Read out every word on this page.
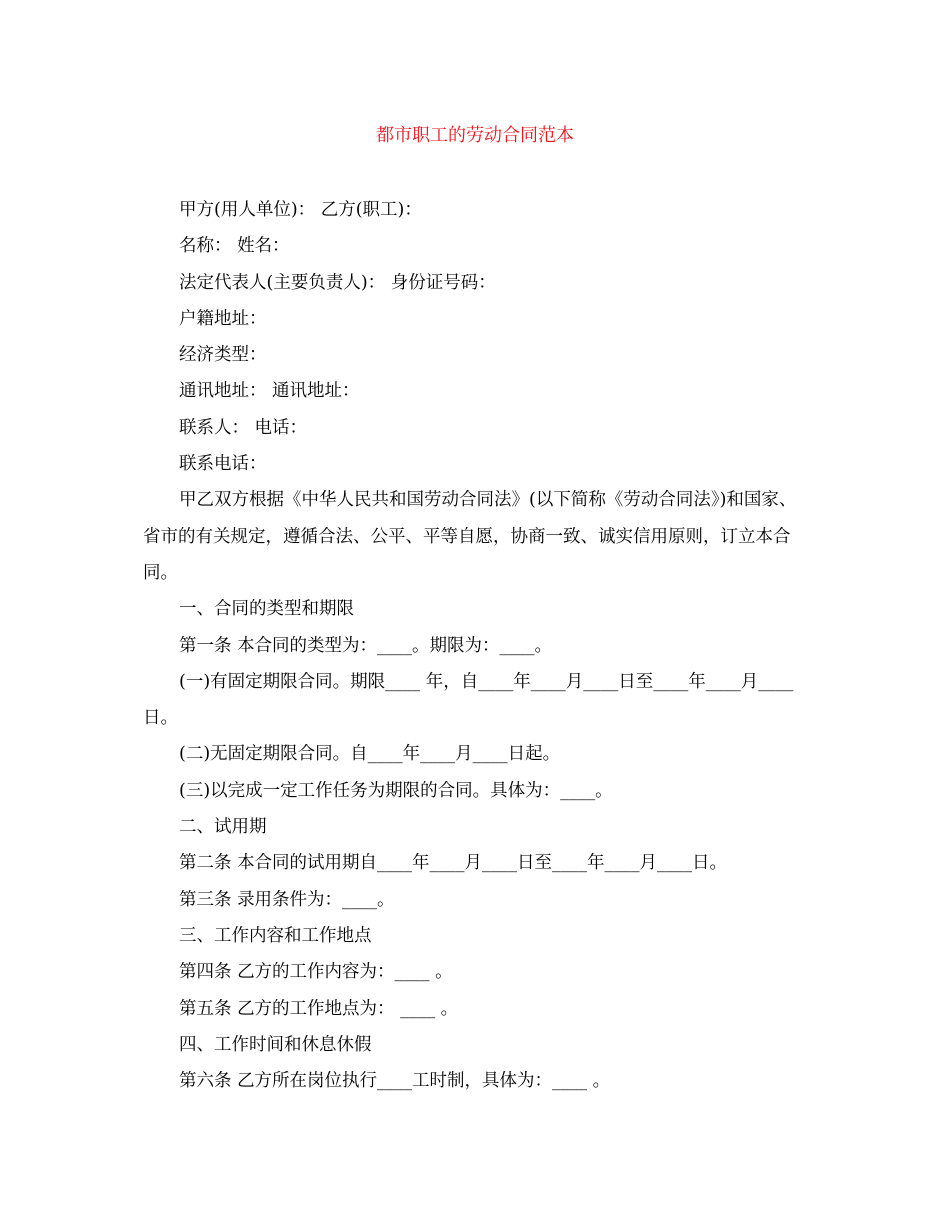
都市职工的劳动合同范本
甲方(用人单位)： 乙方(职工)：
名称： 姓名：
法定代表人(主要负责人)： 身份证号码：
户籍地址：
经济类型：
通讯地址： 通讯地址：
联系人： 电话：
联系电话：
甲乙双方根据《中华人民共和国劳动合同法》(以下简称《劳动合同法》)和国家、省市的有关规定，遵循合法、公平、平等自愿，协商一致、诚实信用原则，订立本合同。
一、合同的类型和期限
第一条 本合同的类型为：____。期限为：____。
(一)有固定期限合同。期限____ 年，自____年____月____日至____年____月____日。
(二)无固定期限合同。自____年____月____日起。
(三)以完成一定工作任务为期限的合同。具体为：____。
二、试用期
第二条 本合同的试用期自____年____月____日至____年____月____日。
第三条 录用条件为：____。
三、工作内容和工作地点
第四条 乙方的工作内容为：____ 。
第五条 乙方的工作地点为： ____ 。
四、工作时间和休息休假
第六条 乙方所在岗位执行____工时制，具体为：____ 。
